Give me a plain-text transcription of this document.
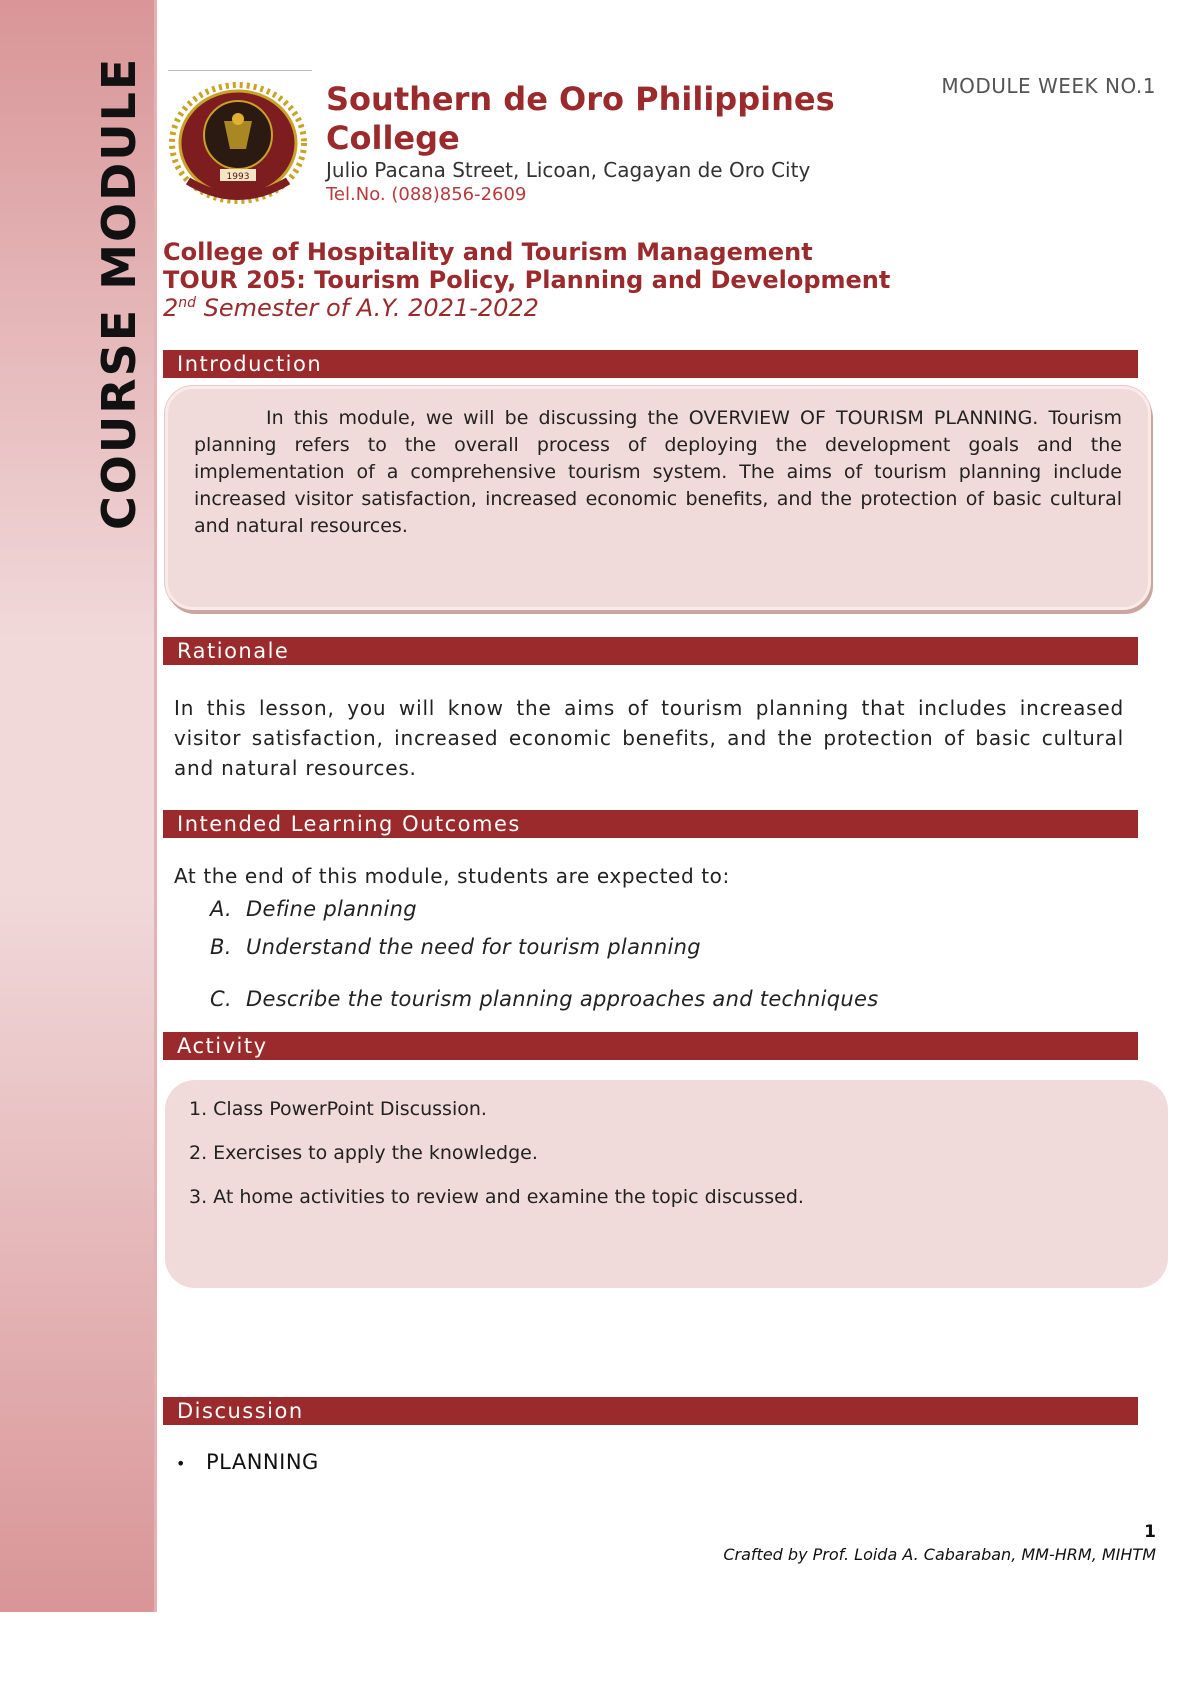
COURSE MODULE	MODULE WEEK NO.1
1993
Southern de Oro Philippines College
Julio Pacana Street, Licoan, Cagayan de Oro City
Tel.No. (088)856-2609
College of Hospitality and Tourism Management
TOUR 205: Tourism Policy, Planning and Development
2nd Semester of A.Y. 2021-2022
Introduction
In this module, we will be discussing the OVERVIEW OF TOURISM PLANNING. Tourism planning refers to the overall process of deploying the development goals and the implementation of a comprehensive tourism system. The aims of tourism planning include increased visitor satisfaction, increased economic benefits, and the protection of basic cultural and natural resources.
Rationale
In this lesson, you will know the aims of tourism planning that includes increased visitor satisfaction, increased economic benefits, and the protection of basic cultural and natural resources.
Intended Learning Outcomes
At the end of this module, students are expected to:
A. Define planning
B. Understand the need for tourism planning
C. Describe the tourism planning approaches and techniques
Activity
1. Class PowerPoint Discussion.
2. Exercises to apply the knowledge.
3. At home activities to review and examine the topic discussed.
Discussion
• PLANNING
1
Crafted by Prof. Loida A. Cabaraban, MM-HRM, MIHTM
